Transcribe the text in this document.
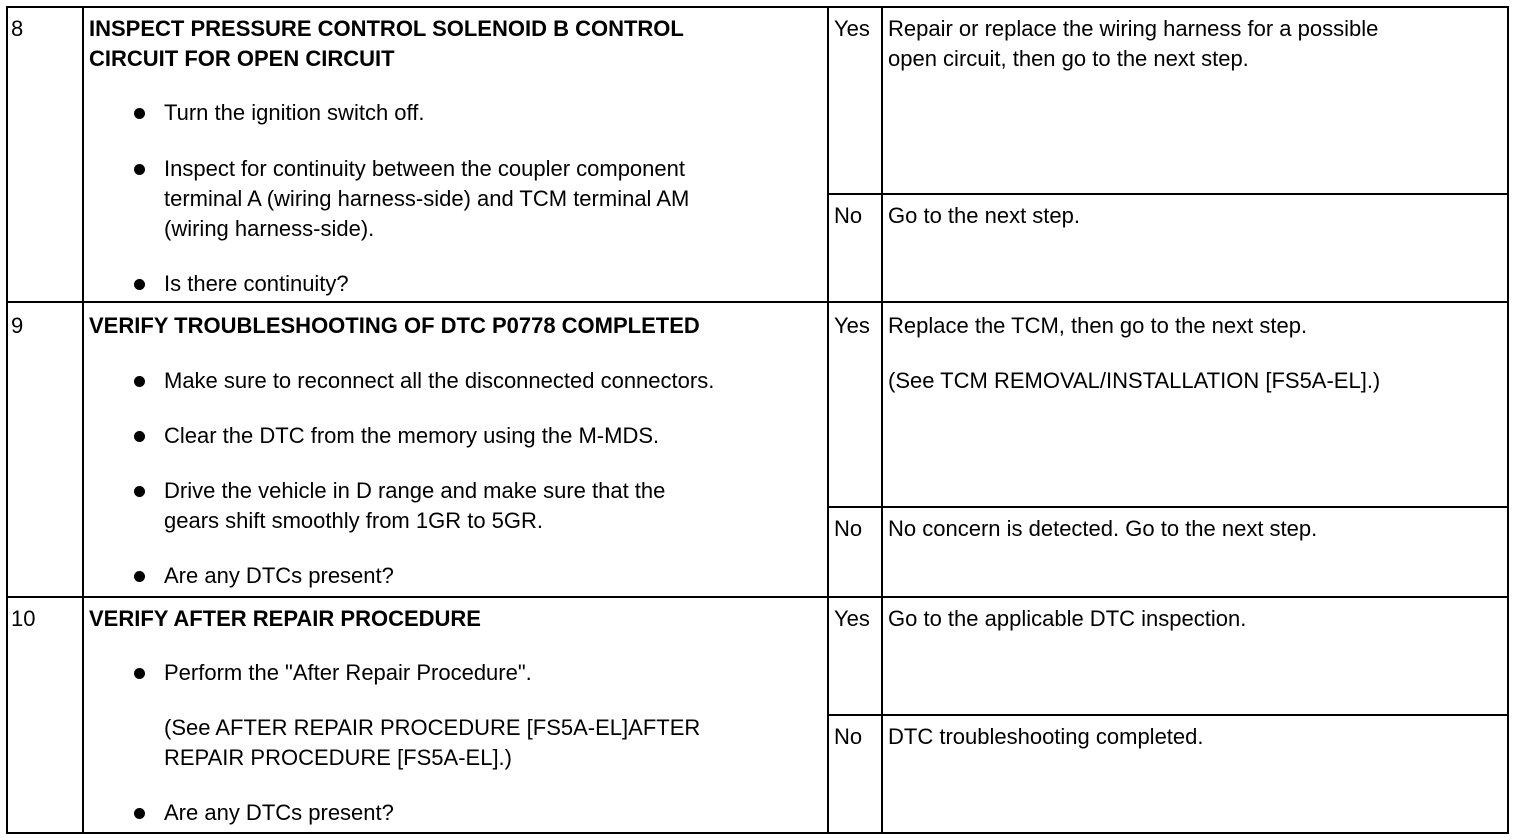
8	INSPECT PRESSURE CONTROL SOLENOID B CONTROL
CIRCUIT FOR OPEN CIRCUIT
Turn the ignition switch off.
Inspect for continuity between the coupler component
terminal A (wiring harness-side) and TCM terminal AM
(wiring harness-side).
Is there continuity?
Yes Repair or replace the wiring harness for a possible
open circuit, then go to the next step.
No Go to the next step.
9	VERIFY TROUBLESHOOTING OF DTC P0778 COMPLETED
Make sure to reconnect all the disconnected connectors.
Clear the DTC from the memory using the M-MDS.
Drive the vehicle in D range and make sure that the
gears shift smoothly from 1GR to 5GR.
Are any DTCs present?
Yes Replace the TCM, then go to the next step.
(See TCM REMOVAL/INSTALLATION [FS5A-EL].)
No No concern is detected. Go to the next step.
10 VERIFY AFTER REPAIR PROCEDURE
Perform the "After Repair Procedure".
(See AFTER REPAIR PROCEDURE [FS5A-EL]AFTER
REPAIR PROCEDURE [FS5A-EL].)
Are any DTCs present?
Yes Go to the applicable DTC inspection.
No DTC troubleshooting completed.
